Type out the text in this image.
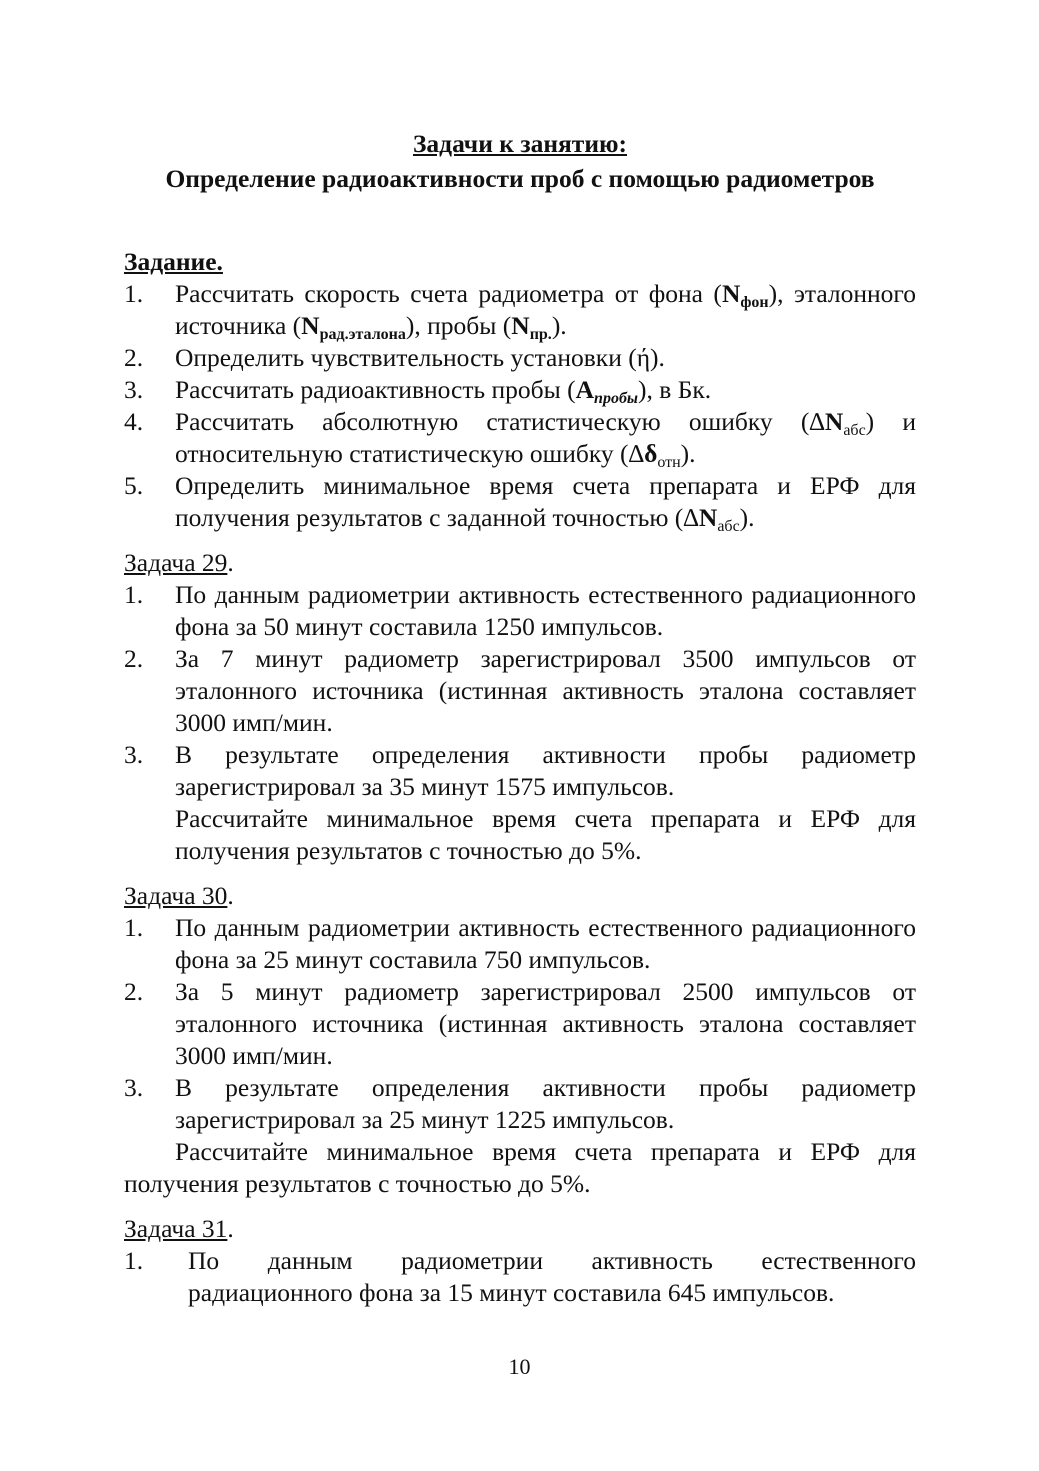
Задачи к занятию:

Определение радиоактивности проб с помощью радиометров

Задание.
1. Рассчитать скорость счета радиометра от фона $(N_{фон})$, эталонного источника $(N_{рад.эталона})$, пробы $(N_{пр.})$.
2. Определить чувствительность установки (ή).
3. Рассчитать радиоактивность пробы $(A_{пробы})$, в Бк.
4. Рассчитать абсолютную статистическую ошибку $(\Delta N_{абс})$ и относительную статистическую ошибку $(\Delta\delta_{отн})$.
5. Определить минимальное время счета препарата и ЕРФ для получения результатов с заданной точностью $(\Delta N_{абс})$.
Задача 29.
1. По данным радиометрии активность естественного радиационного фона за 50 минут составила 1250 импульсов.
2. За 7 минут радиометр зарегистрировал 3500 импульсов от эталонного источника (истинная активность эталона составляет 3000 имп/мин.
3. В результате определения активности пробы радиометр зарегистрировал за 35 минут 1575 импульсов.
Рассчитайте минимальное время счета препарата и ЕРФ для получения результатов с точностью до 5%.
Задача 30.
1. По данным радиометрии активность естественного радиационного фона за 25 минут составила 750 импульсов.
2. За 5 минут радиометр зарегистрировал 2500 импульсов от эталонного источника (истинная активность эталона составляет 3000 имп/мин.
3. В результате определения активности пробы радиометр зарегистрировал за 25 минут 1225 импульсов.

Рассчитайте минимальное время счета препарата и ЕРФ для получения результатов с точностью до 5%.

Задача 31.
1. По данным радиометрии активность естественного радиационного фона за 15 минут составила 645 импульсов.
10
